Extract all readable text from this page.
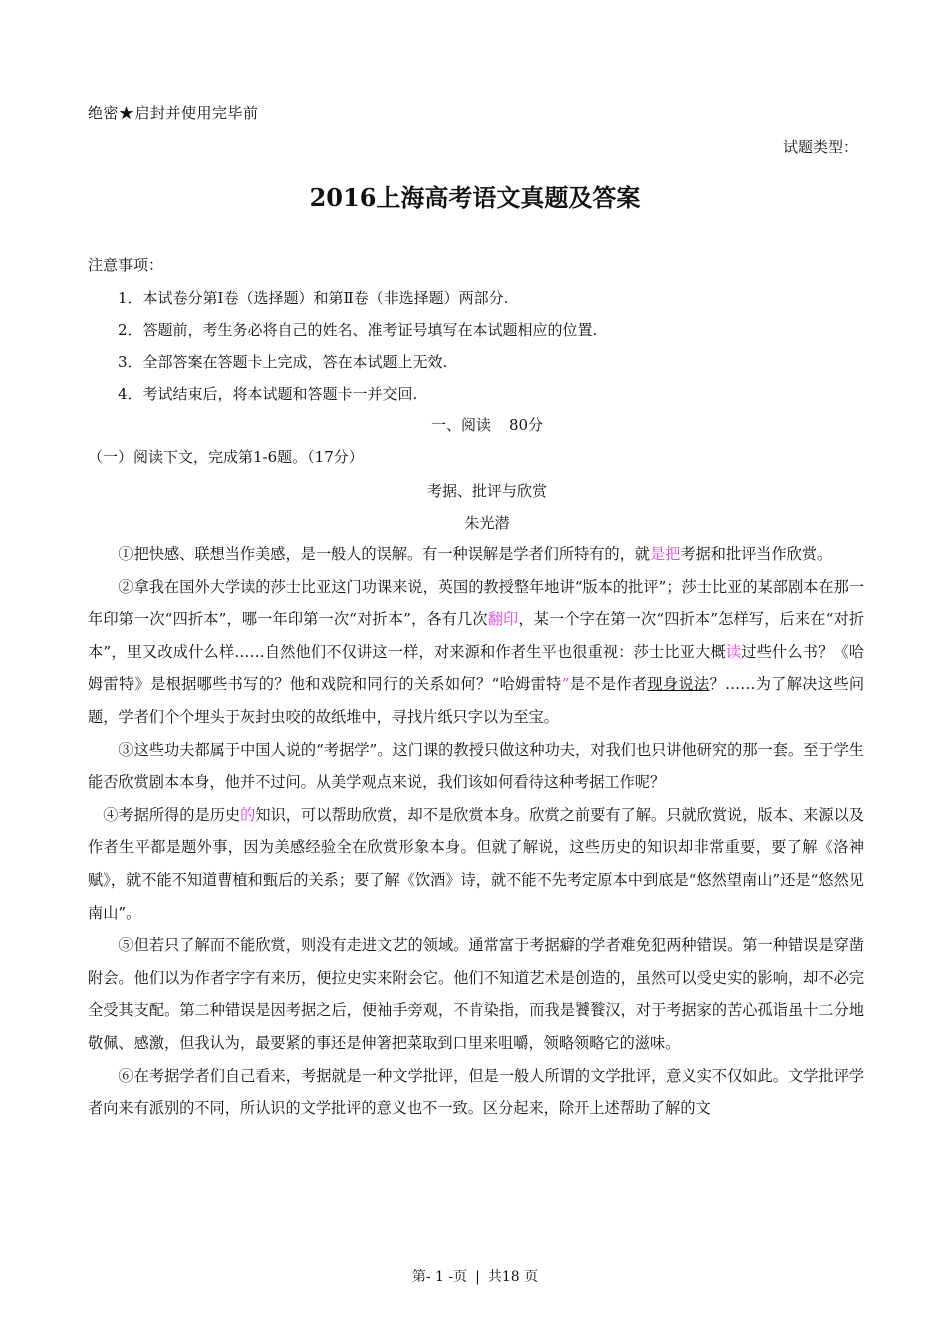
绝密★启封并使用完毕前
试题类型：
2016上海高考语文真题及答案
注意事项：
1．本试卷分第Ⅰ卷（选择题）和第Ⅱ卷（非选择题）两部分.
2．答题前，考生务必将自己的姓名、准考证号填写在本试题相应的位置.
3．全部答案在答题卡上完成，答在本试题上无效.
4．考试结束后，将本试题和答题卡一并交回.
一、阅读 80分
（一）阅读下文，完成第1-6题。（17分）
考据、批评与欣赏
朱光潜

①把快感、联想当作美感，是一般人的误解。有一种误解是学者们所特有的，就是把考据和批评当作欣赏。

②拿我在国外大学读的莎士比亚这门功课来说，英国的教授整年地讲“版本的批评”；莎士比亚的某部剧本在那一年印第一次“四折本”，哪一年印第一次“对折本”，各有几次翻印，某一个字在第一次“四折本”怎样写，后来在“对折本”，里又改成什么样……自然他们不仅讲这一样，对来源和作者生平也很重视：莎士比亚大概读过些什么书？《哈姆雷特》是根据哪些书写的？他和戏院和同行的关系如何？“哈姆雷特”是不是作者现身说法？……为了解决这些问题，学者们个个埋头于灰封虫咬的故纸堆中，寻找片纸只字以为至宝。

③这些功夫都属于中国人说的“考据学”。这门课的教授只做这种功夫，对我们也只讲他研究的那一套。至于学生能否欣赏剧本本身，他并不过问。从美学观点来说，我们该如何看待这种考据工作呢？

④考据所得的是历史的知识，可以帮助欣赏，却不是欣赏本身。欣赏之前要有了解。只就欣赏说，版本、来源以及作者生平都是题外事，因为美感经验全在欣赏形象本身。但就了解说，这些历史的知识却非常重要，要了解《洛神赋》，就不能不知道曹植和甄后的关系；要了解《饮酒》诗，就不能不先考定原本中到底是“悠然望南山”还是“悠然见南山”。

⑤但若只了解而不能欣赏，则没有走进文艺的领域。通常富于考据癖的学者难免犯两种错误。第一种错误是穿凿附会。他们以为作者字字有来历，便拉史实来附会它。他们不知道艺术是创造的，虽然可以受史实的影响，却不必完全受其支配。第二种错误是因考据之后，便袖手旁观，不肯染指，而我是饕餮汉，对于考据家的苦心孤诣虽十二分地敬佩、感激，但我认为，最要紧的事还是伸箸把菜取到口里来咀嚼，领略领略它的滋味。

⑥在考据学者们自己看来，考据就是一种文学批评，但是一般人所谓的文学批评，意义实不仅如此。文学批评学者向来有派别的不同，所认识的文学批评的意义也不一致。区分起来，除开上述帮助了解的文

第- 1 -页 | 共18 页
